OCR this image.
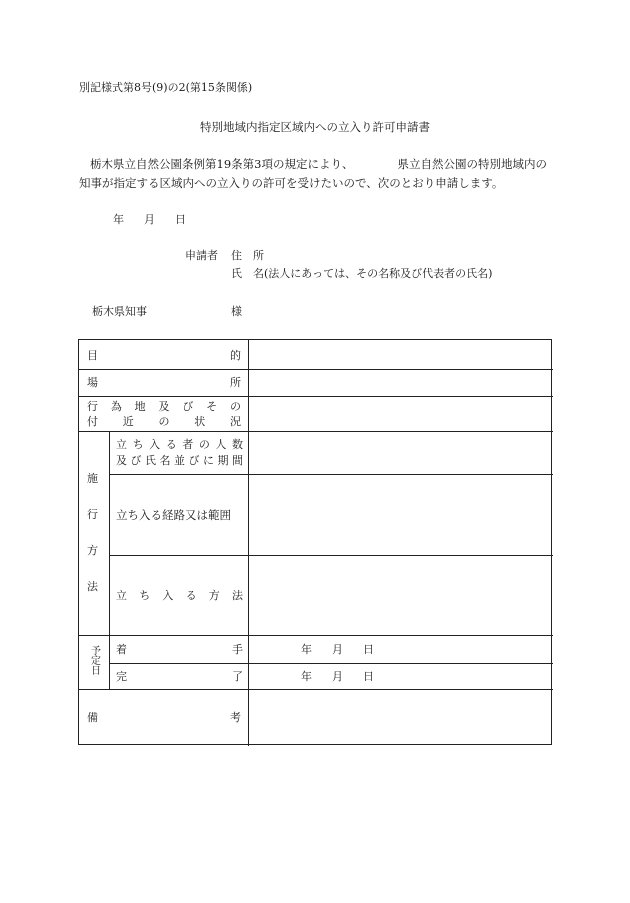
別記様式第8号(9)の2(第15条関係)
特別地域内指定区域内への立入り許可申請書
栃木県立自然公園条例第19条第3項の規定により、	県立自然公園の特別地域内の
知事が指定する区域内への立入りの許可を受けたいので、次のとおり申請します。
年 月 日
申請者 住　所
氏　名(法人にあっては、その名称及び代表者の氏名)
栃木県知事	様
目	的
場	所
行 為 地 及 び そ の
付 近 の 状 況
施
行
方
法
立 ち 入 る 者 の 人 数
及 び 氏 名 並 び に 期 間
立ち入る経路又は範囲
立 ち 入 る 方 法
予定日 着	手	年 月 日
完	了	年 月 日
備	考
